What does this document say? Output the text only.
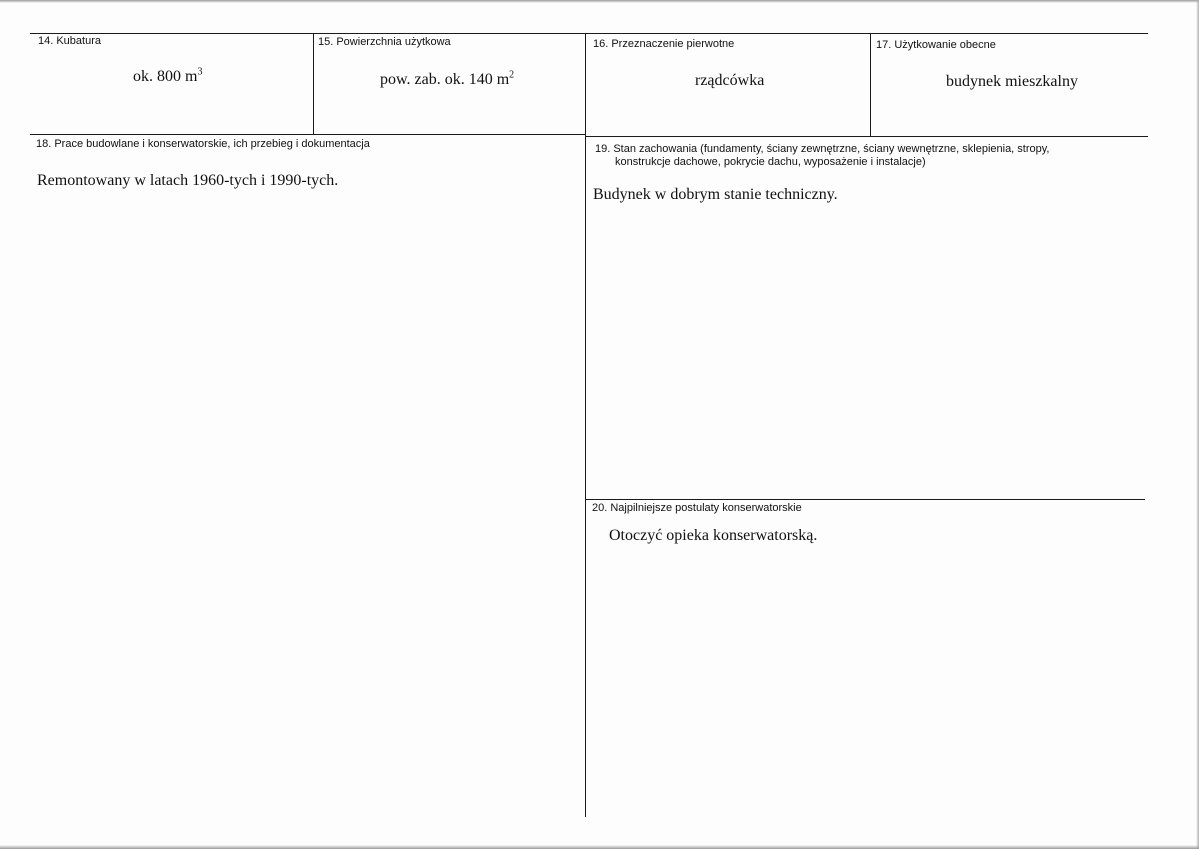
14. Kubatura
ok. 800 $m^3$
15. Powierzchnia użytkowa
pow. zab. ok. 140 $m^2$
16. Przeznaczenie pierwotne
rządcówka
17. Użytkowanie obecne
budynek mieszkalny
18. Prace budowlane i konserwatorskie, ich przebieg i dokumentacja
Remontowany w latach 1960-tych i 1990-tych.
19. Stan zachowania (fundamenty, ściany zewnętrzne, ściany wewnętrzne, sklepienia, stropy,
konstrukcje dachowe, pokrycie dachu, wyposażenie i instalacje)
Budynek w dobrym stanie techniczny.
20. Najpilniejsze postulaty konserwatorskie
Otoczyć opieka konserwatorską.
